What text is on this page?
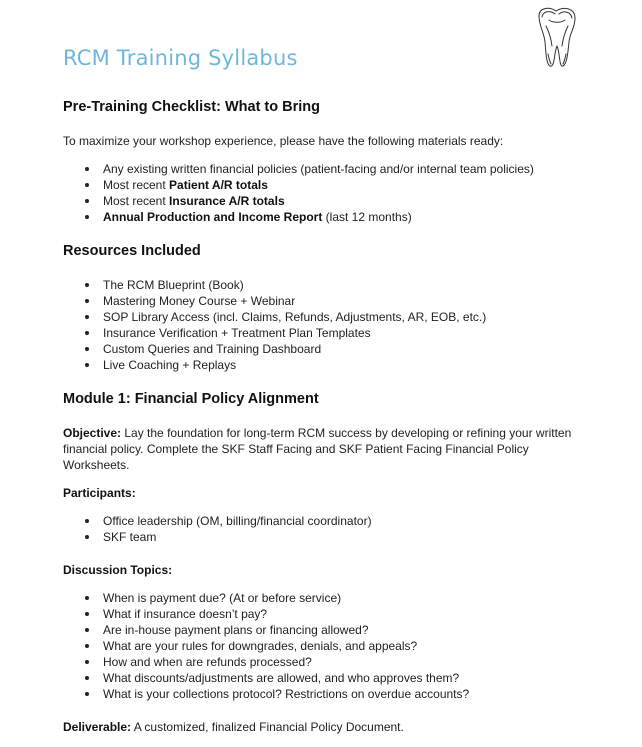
RCM Training Syllabus
Pre-Training Checklist: What to Bring

To maximize your workshop experience, please have the following materials ready:

Any existing written financial policies (patient-facing and/or internal team policies)
Most recent Patient A/R totals
Most recent Insurance A/R totals
Annual Production and Income Report (last 12 months)
Resources Included
The RCM Blueprint (Book)
Mastering Money Course + Webinar
SOP Library Access (incl. Claims, Refunds, Adjustments, AR, EOB, etc.)
Insurance Verification + Treatment Plan Templates
Custom Queries and Training Dashboard
Live Coaching + Replays
Module 1: Financial Policy Alignment

Objective: Lay the foundation for long-term RCM success by developing or refining your written financial policy. Complete the SKF Staff Facing and SKF Patient Facing Financial Policy Worksheets.

Participants:

Office leadership (OM, billing/financial coordinator)
SKF team

Discussion Topics:

When is payment due? (At or before service)
What if insurance doesn’t pay?
Are in-house payment plans or financing allowed?
What are your rules for downgrades, denials, and appeals?
How and when are refunds processed?
What discounts/adjustments are allowed, and who approves them?
What is your collections protocol? Restrictions on overdue accounts?

Deliverable: A customized, finalized Financial Policy Document.
